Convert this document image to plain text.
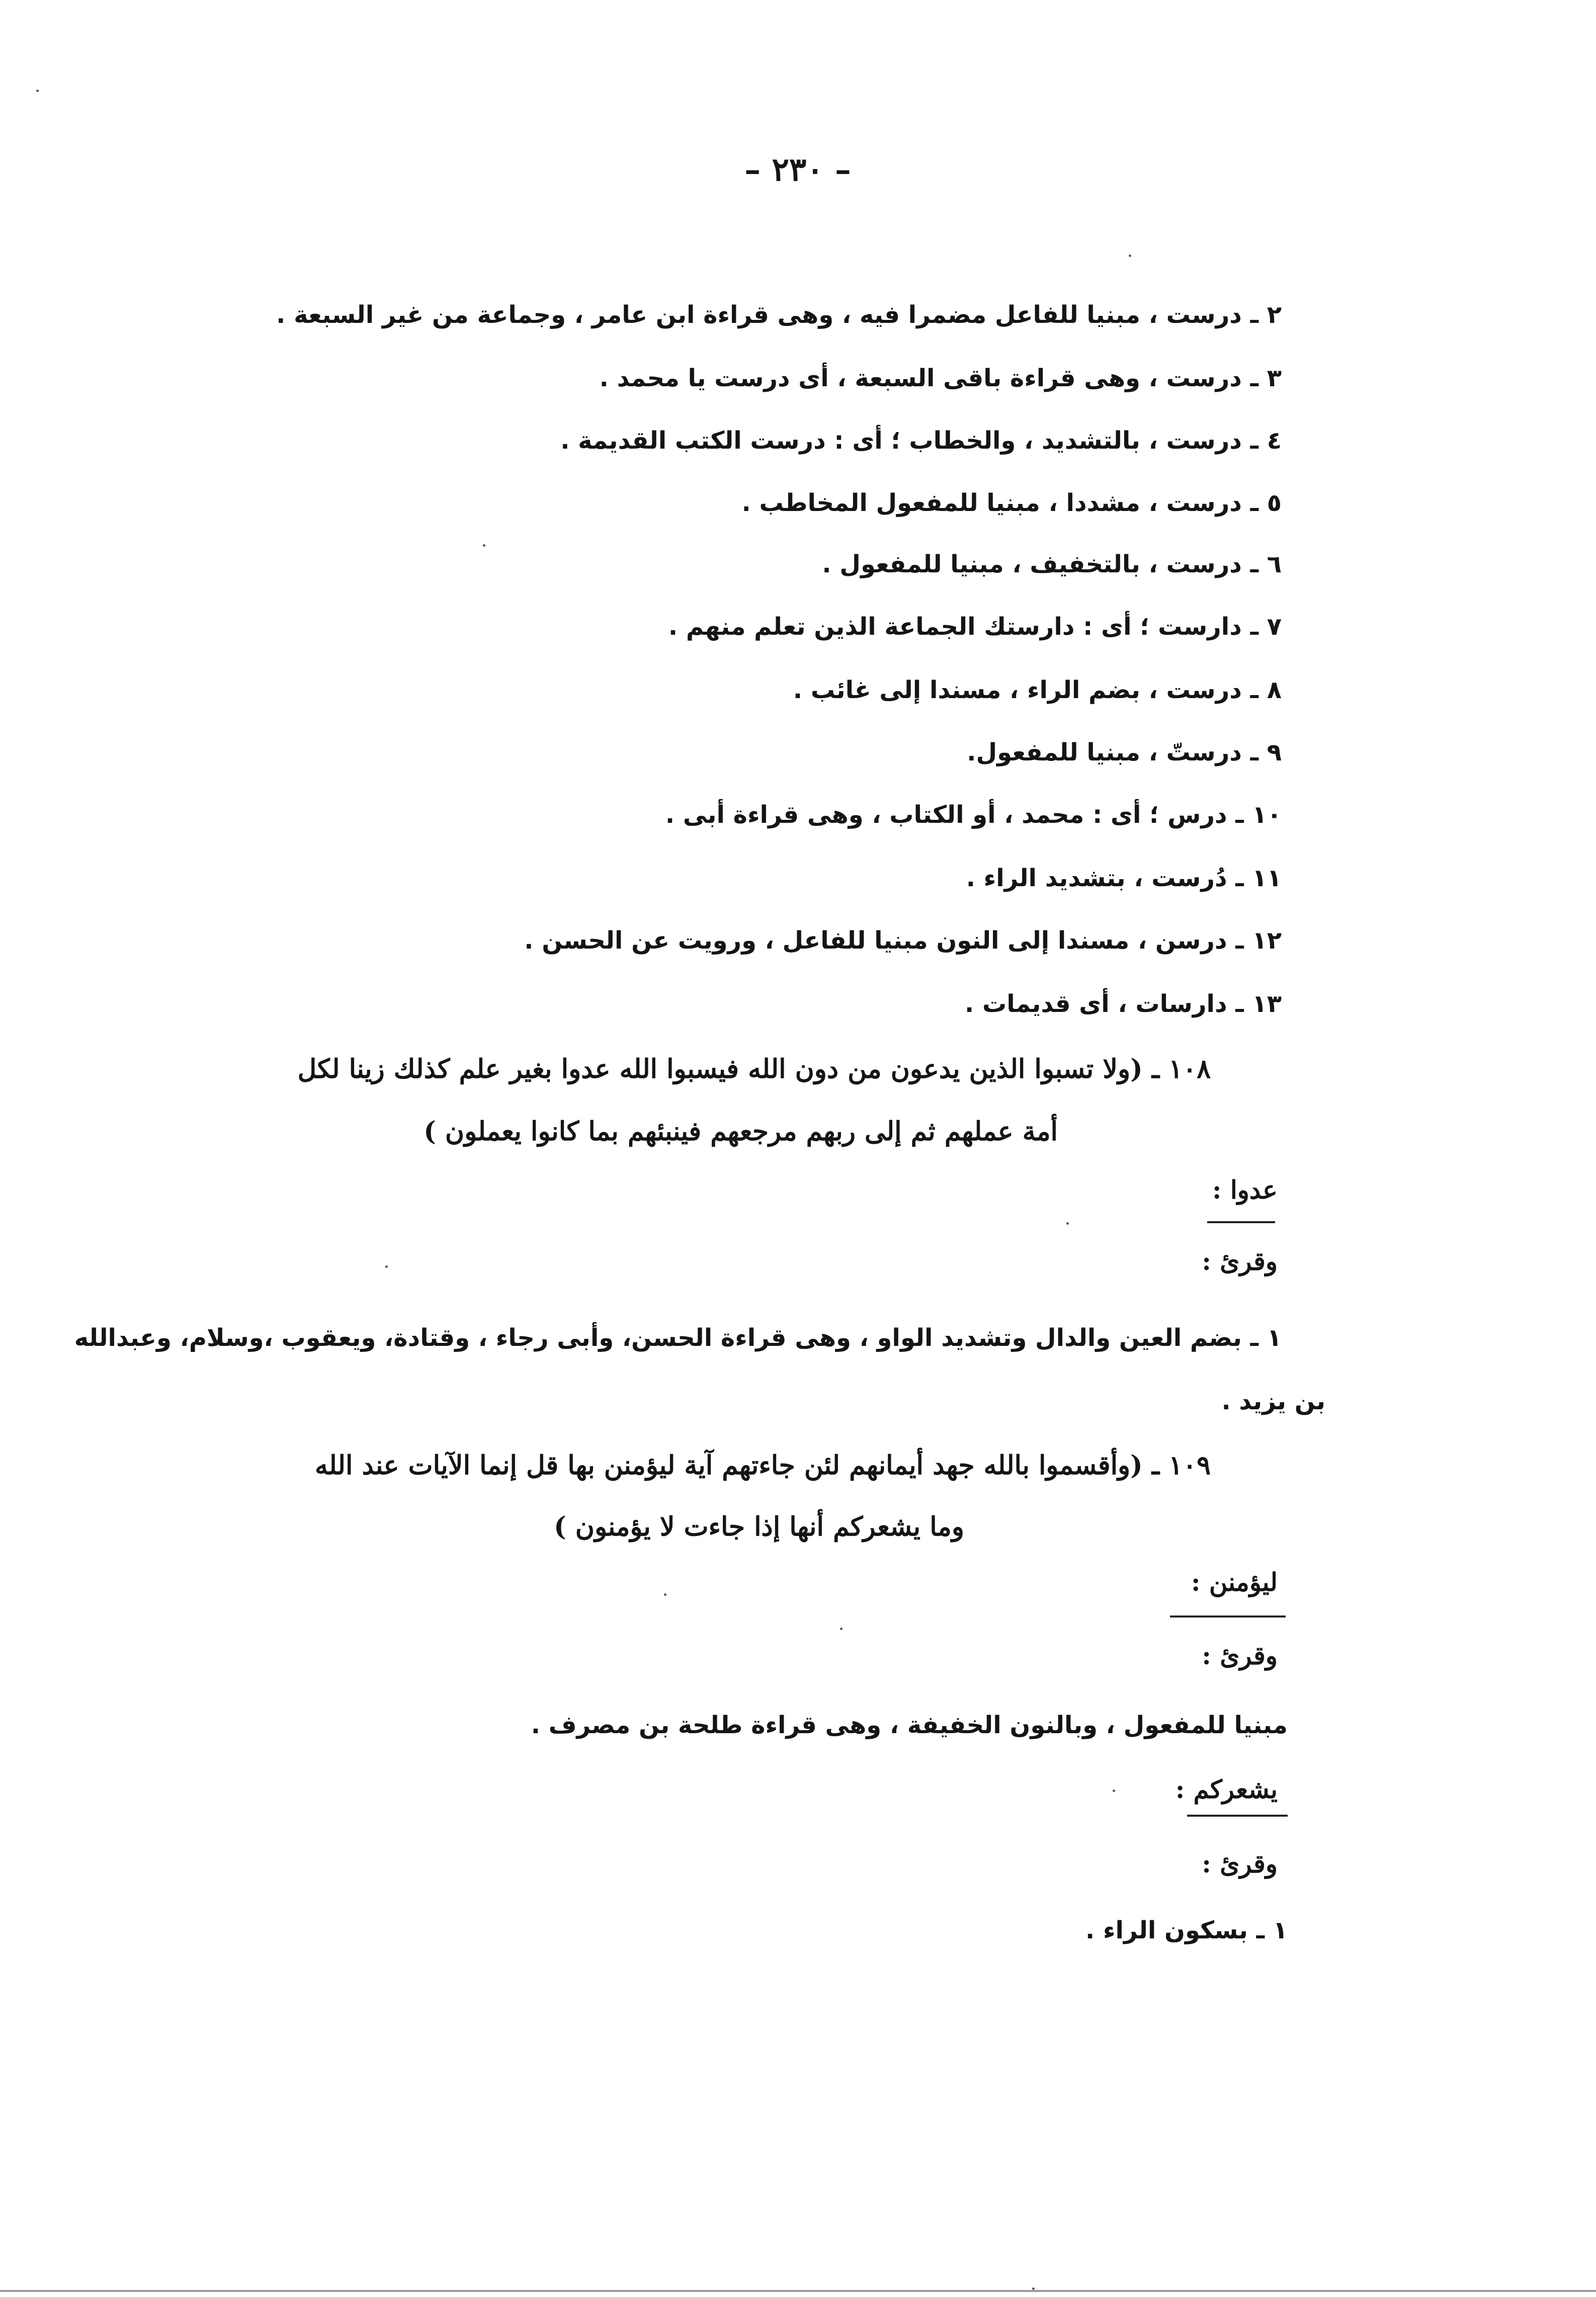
– ٢٣٠ –
٢ ـ درست ، مبنيا للفاعل مضمرا فيه ، وهى قراءة ابن عامر ، وجماعة من غير السبعة .
٣ ـ درست ، وهى قراءة باقى السبعة ، أى درست يا محمد .
٤ ـ درست ، بالتشديد ، والخطاب ؛ أى : درست الكتب القديمة .
٥ ـ درست ، مشددا ، مبنيا للمفعول المخاطب .
٦ ـ درست ، بالتخفيف ، مبنيا للمفعول .
٧ ـ دارست ؛ أى : دارستك الجماعة الذين تعلم منهم .
٨ ـ درست ، بضم الراء ، مسندا إلى غائب .
٩ ـ درستّ ، مبنيا للمفعول.
١٠ ـ درس ؛ أى : محمد ، أو الكتاب ، وهى قراءة أبى .
١١ ـ دُرست ، بتشديد الراء .
١٢ ـ درسن ، مسندا إلى النون مبنيا للفاعل ، ورويت عن الحسن .
١٣ ـ دارسات ، أى قديمات .
١٠٨ ـ (ولا تسبوا الذين يدعون من دون الله فيسبوا الله عدوا بغير علم كذلك زينا لكل
أمة عملهم ثم إلى ربهم مرجعهم فينبئهم بما كانوا يعملون )
عدوا :
وقرئ :
١ ـ بضم العين والدال وتشديد الواو ، وهى قراءة الحسن، وأبى رجاء ، وقتادة، ويعقوب ،وسلام، وعبدالله
بن يزيد .
١٠٩ ـ (وأقسموا بالله جهد أيمانهم لئن جاءتهم آية ليؤمنن بها قل إنما الآيات عند الله
وما يشعركم أنها إذا جاءت لا يؤمنون )
ليؤمنن :
وقرئ :
مبنيا للمفعول ، وبالنون الخفيفة ، وهى قراءة طلحة بن مصرف .
يشعركم :
وقرئ :
١ ـ بسكون الراء .
